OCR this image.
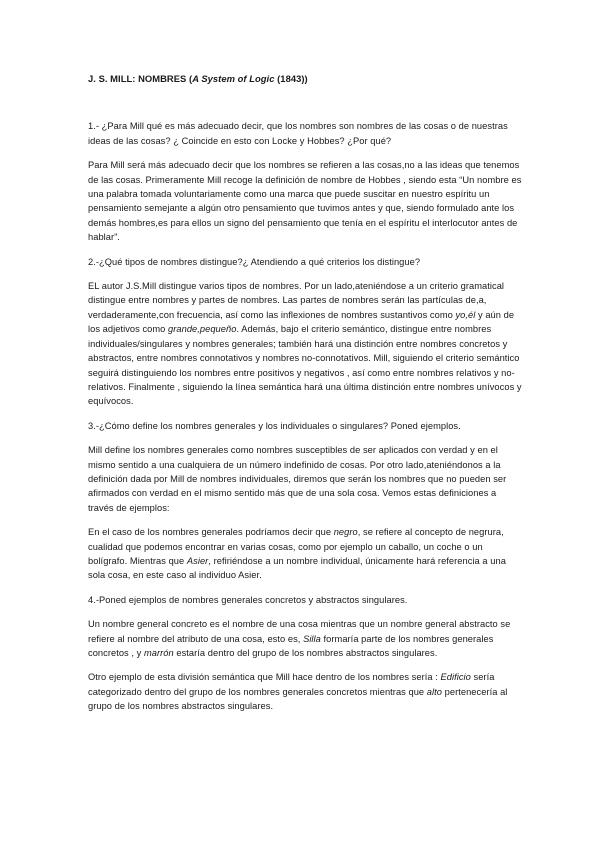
J. S. MILL: NOMBRES (A System of Logic (1843))

1.- ¿Para Mill qué es más adecuado decir, que los nombres son nombres de las cosas o de nuestras ideas de las cosas? ¿ Coincide en esto con Locke y Hobbes? ¿Por qué?

Para Mill será más adecuado decir que los nombres se refieren a las cosas,no a las ideas que tenemos de las cosas. Primeramente Mill recoge la definición de nombre de Hobbes , siendo esta “Un nombre es una palabra tomada voluntariamente como una marca que puede suscitar en nuestro espíritu un pensamiento semejante a algún otro pensamiento que tuvimos antes y que, siendo formulado ante los demás hombres,es para ellos un signo del pensamiento que tenía en el espíritu el interlocutor antes de hablar”.

2.-¿Qué tipos de nombres distingue?¿ Atendiendo a qué criterios los distingue?

EL autor J.S.Mill distingue varios tipos de nombres. Por un lado,ateniéndose a un criterio gramatical distingue entre nombres y partes de nombres. Las partes de nombres serán las partículas de,a, verdaderamente,con frecuencia, así como las inflexiones de nombres sustantivos como yo,él y aún de los adjetivos como grande,pequeño. Además, bajo el criterio semántico, distingue entre nombres individuales/singulares y nombres generales; también hará una distinción entre nombres concretos y abstractos, entre nombres connotativos y nombres no-connotativos. Mill, siguiendo el criterio semántico seguirá distinguiendo los nombres entre positivos y negativos , así como entre nombres relativos y no-relativos. Finalmente , siguiendo la línea semántica hará una última distinción entre nombres unívocos y equívocos.

3.-¿Cómo define los nombres generales y los individuales o singulares? Poned ejemplos.

Mill define los nombres generales como nombres susceptibles de ser aplicados con verdad y en el mismo sentido a una cualquiera de un número indefinido de cosas. Por otro lado,ateniéndonos a la definición dada por Mill de nombres individuales, diremos que serán los nombres que no pueden ser afirmados con verdad en el mismo sentido más que de una sola cosa. Vemos estas definiciones a través de ejemplos:

En el caso de los nombres generales podríamos decir que negro, se refiere al concepto de negrura, cualidad que podemos encontrar en varias cosas, como por ejemplo un caballo, un coche o un bolígrafo. Mientras que Asier, refiriéndose a un nombre individual, únicamente hará referencia a una sola cosa, en este caso al individuo Asier.

4.-Poned ejemplos de nombres generales concretos y abstractos singulares.

Un nombre general concreto es el nombre de una cosa mientras que un nombre general abstracto se refiere al nombre del atributo de una cosa, esto es, Silla formaría parte de los nombres generales concretos , y marrón estaría dentro del grupo de los nombres abstractos singulares.

Otro ejemplo de esta división semántica que Mill hace dentro de los nombres sería : Edificio sería categorizado dentro del grupo de los nombres generales concretos mientras que alto pertenecería al grupo de los nombres abstractos singulares.
